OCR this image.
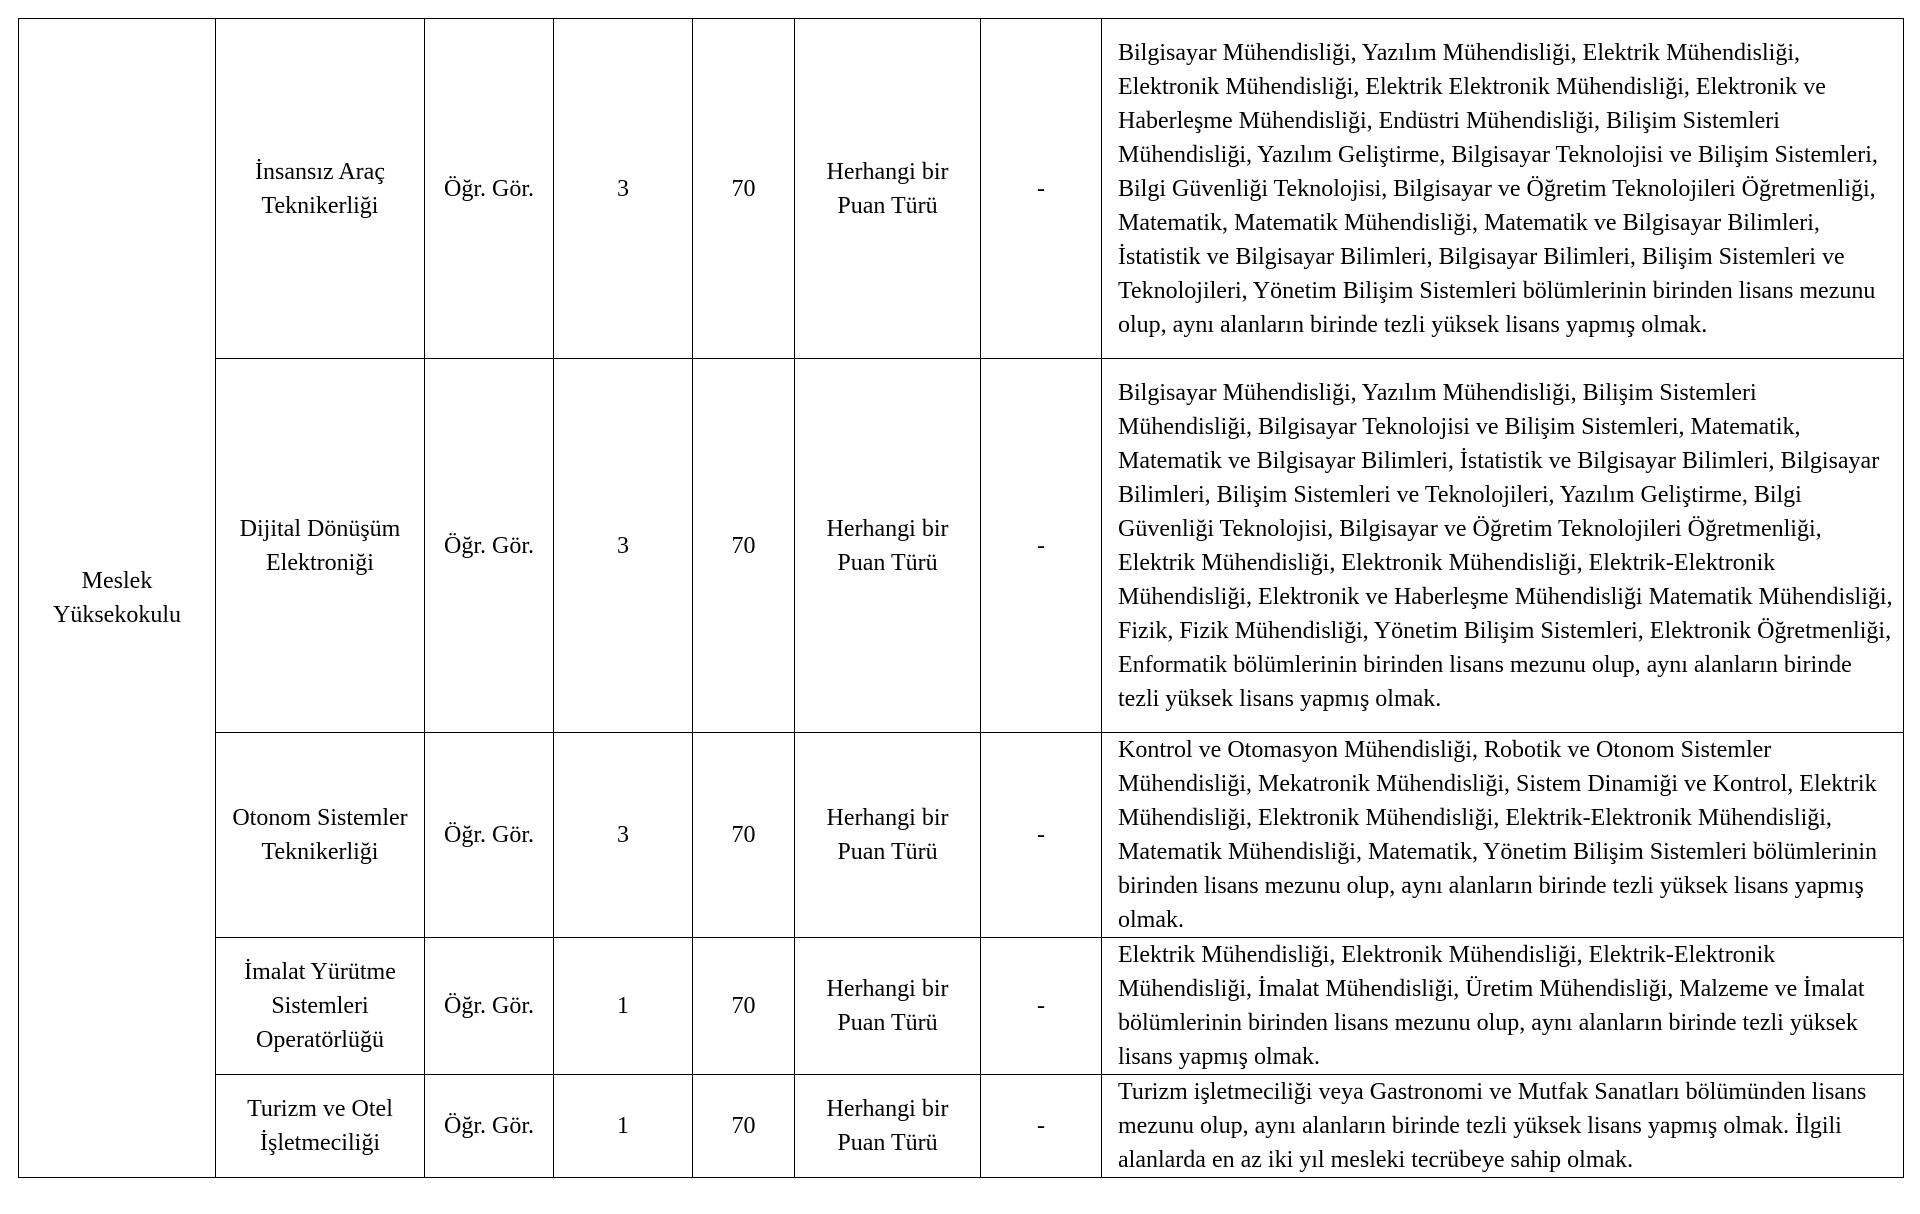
Meslek Yüksekokulu	İnsansız Araç Teknikerliği	Öğr. Gör.	3	70	Herhangi bir Puan Türü	-	Bilgisayar Mühendisliği, Yazılım Mühendisliği, Elektrik Mühendisliği, Elektronik Mühendisliği, Elektrik Elektronik Mühendisliği, Elektronik ve Haberleşme Mühendisliği, Endüstri Mühendisliği, Bilişim Sistemleri Mühendisliği, Yazılım Geliştirme, Bilgisayar Teknolojisi ve Bilişim Sistemleri, Bilgi Güvenliği Teknolojisi, Bilgisayar ve Öğretim Teknolojileri Öğretmenliği, Matematik, Matematik Mühendisliği, Matematik ve Bilgisayar Bilimleri, İstatistik ve Bilgisayar Bilimleri, Bilgisayar Bilimleri, Bilişim Sistemleri ve Teknolojileri, Yönetim Bilişim Sistemleri bölümlerinin birinden lisans mezunu olup, aynı alanların birinde tezli yüksek lisans yapmış olmak.
	Dijital Dönüşüm Elektroniği	Öğr. Gör.	3	70	Herhangi bir Puan Türü	-	Bilgisayar Mühendisliği, Yazılım Mühendisliği, Bilişim Sistemleri Mühendisliği, Bilgisayar Teknolojisi ve Bilişim Sistemleri, Matematik, Matematik ve Bilgisayar Bilimleri, İstatistik ve Bilgisayar Bilimleri, Bilgisayar Bilimleri, Bilişim Sistemleri ve Teknolojileri, Yazılım Geliştirme, Bilgi Güvenliği Teknolojisi, Bilgisayar ve Öğretim Teknolojileri Öğretmenliği, Elektrik Mühendisliği, Elektronik Mühendisliği, Elektrik-Elektronik Mühendisliği, Elektronik ve Haberleşme Mühendisliği Matematik Mühendisliği, Fizik, Fizik Mühendisliği, Yönetim Bilişim Sistemleri, Elektronik Öğretmenliği, Enformatik bölümlerinin birinden lisans mezunu olup, aynı alanların birinde tezli yüksek lisans yapmış olmak.
	Otonom Sistemler Teknikerliği	Öğr. Gör.	3	70	Herhangi bir Puan Türü	-	Kontrol ve Otomasyon Mühendisliği, Robotik ve Otonom Sistemler Mühendisliği, Mekatronik Mühendisliği, Sistem Dinamiği ve Kontrol, Elektrik Mühendisliği, Elektronik Mühendisliği, Elektrik-Elektronik Mühendisliği, Matematik Mühendisliği, Matematik, Yönetim Bilişim Sistemleri bölümlerinin birinden lisans mezunu olup, aynı alanların birinde tezli yüksek lisans yapmış olmak.
	İmalat Yürütme Sistemleri Operatörlüğü	Öğr. Gör.	1	70	Herhangi bir Puan Türü	-	Elektrik Mühendisliği, Elektronik Mühendisliği, Elektrik-Elektronik Mühendisliği, İmalat Mühendisliği, Üretim Mühendisliği, Malzeme ve İmalat bölümlerinin birinden lisans mezunu olup, aynı alanların birinde tezli yüksek lisans yapmış olmak.
	Turizm ve Otel İşletmeciliği	Öğr. Gör.	1	70	Herhangi bir Puan Türü	-	Turizm işletmeciliği veya Gastronomi ve Mutfak Sanatları bölümünden lisans mezunu olup, aynı alanların birinde tezli yüksek lisans yapmış olmak. İlgili alanlarda en az iki yıl mesleki tecrübeye sahip olmak.
